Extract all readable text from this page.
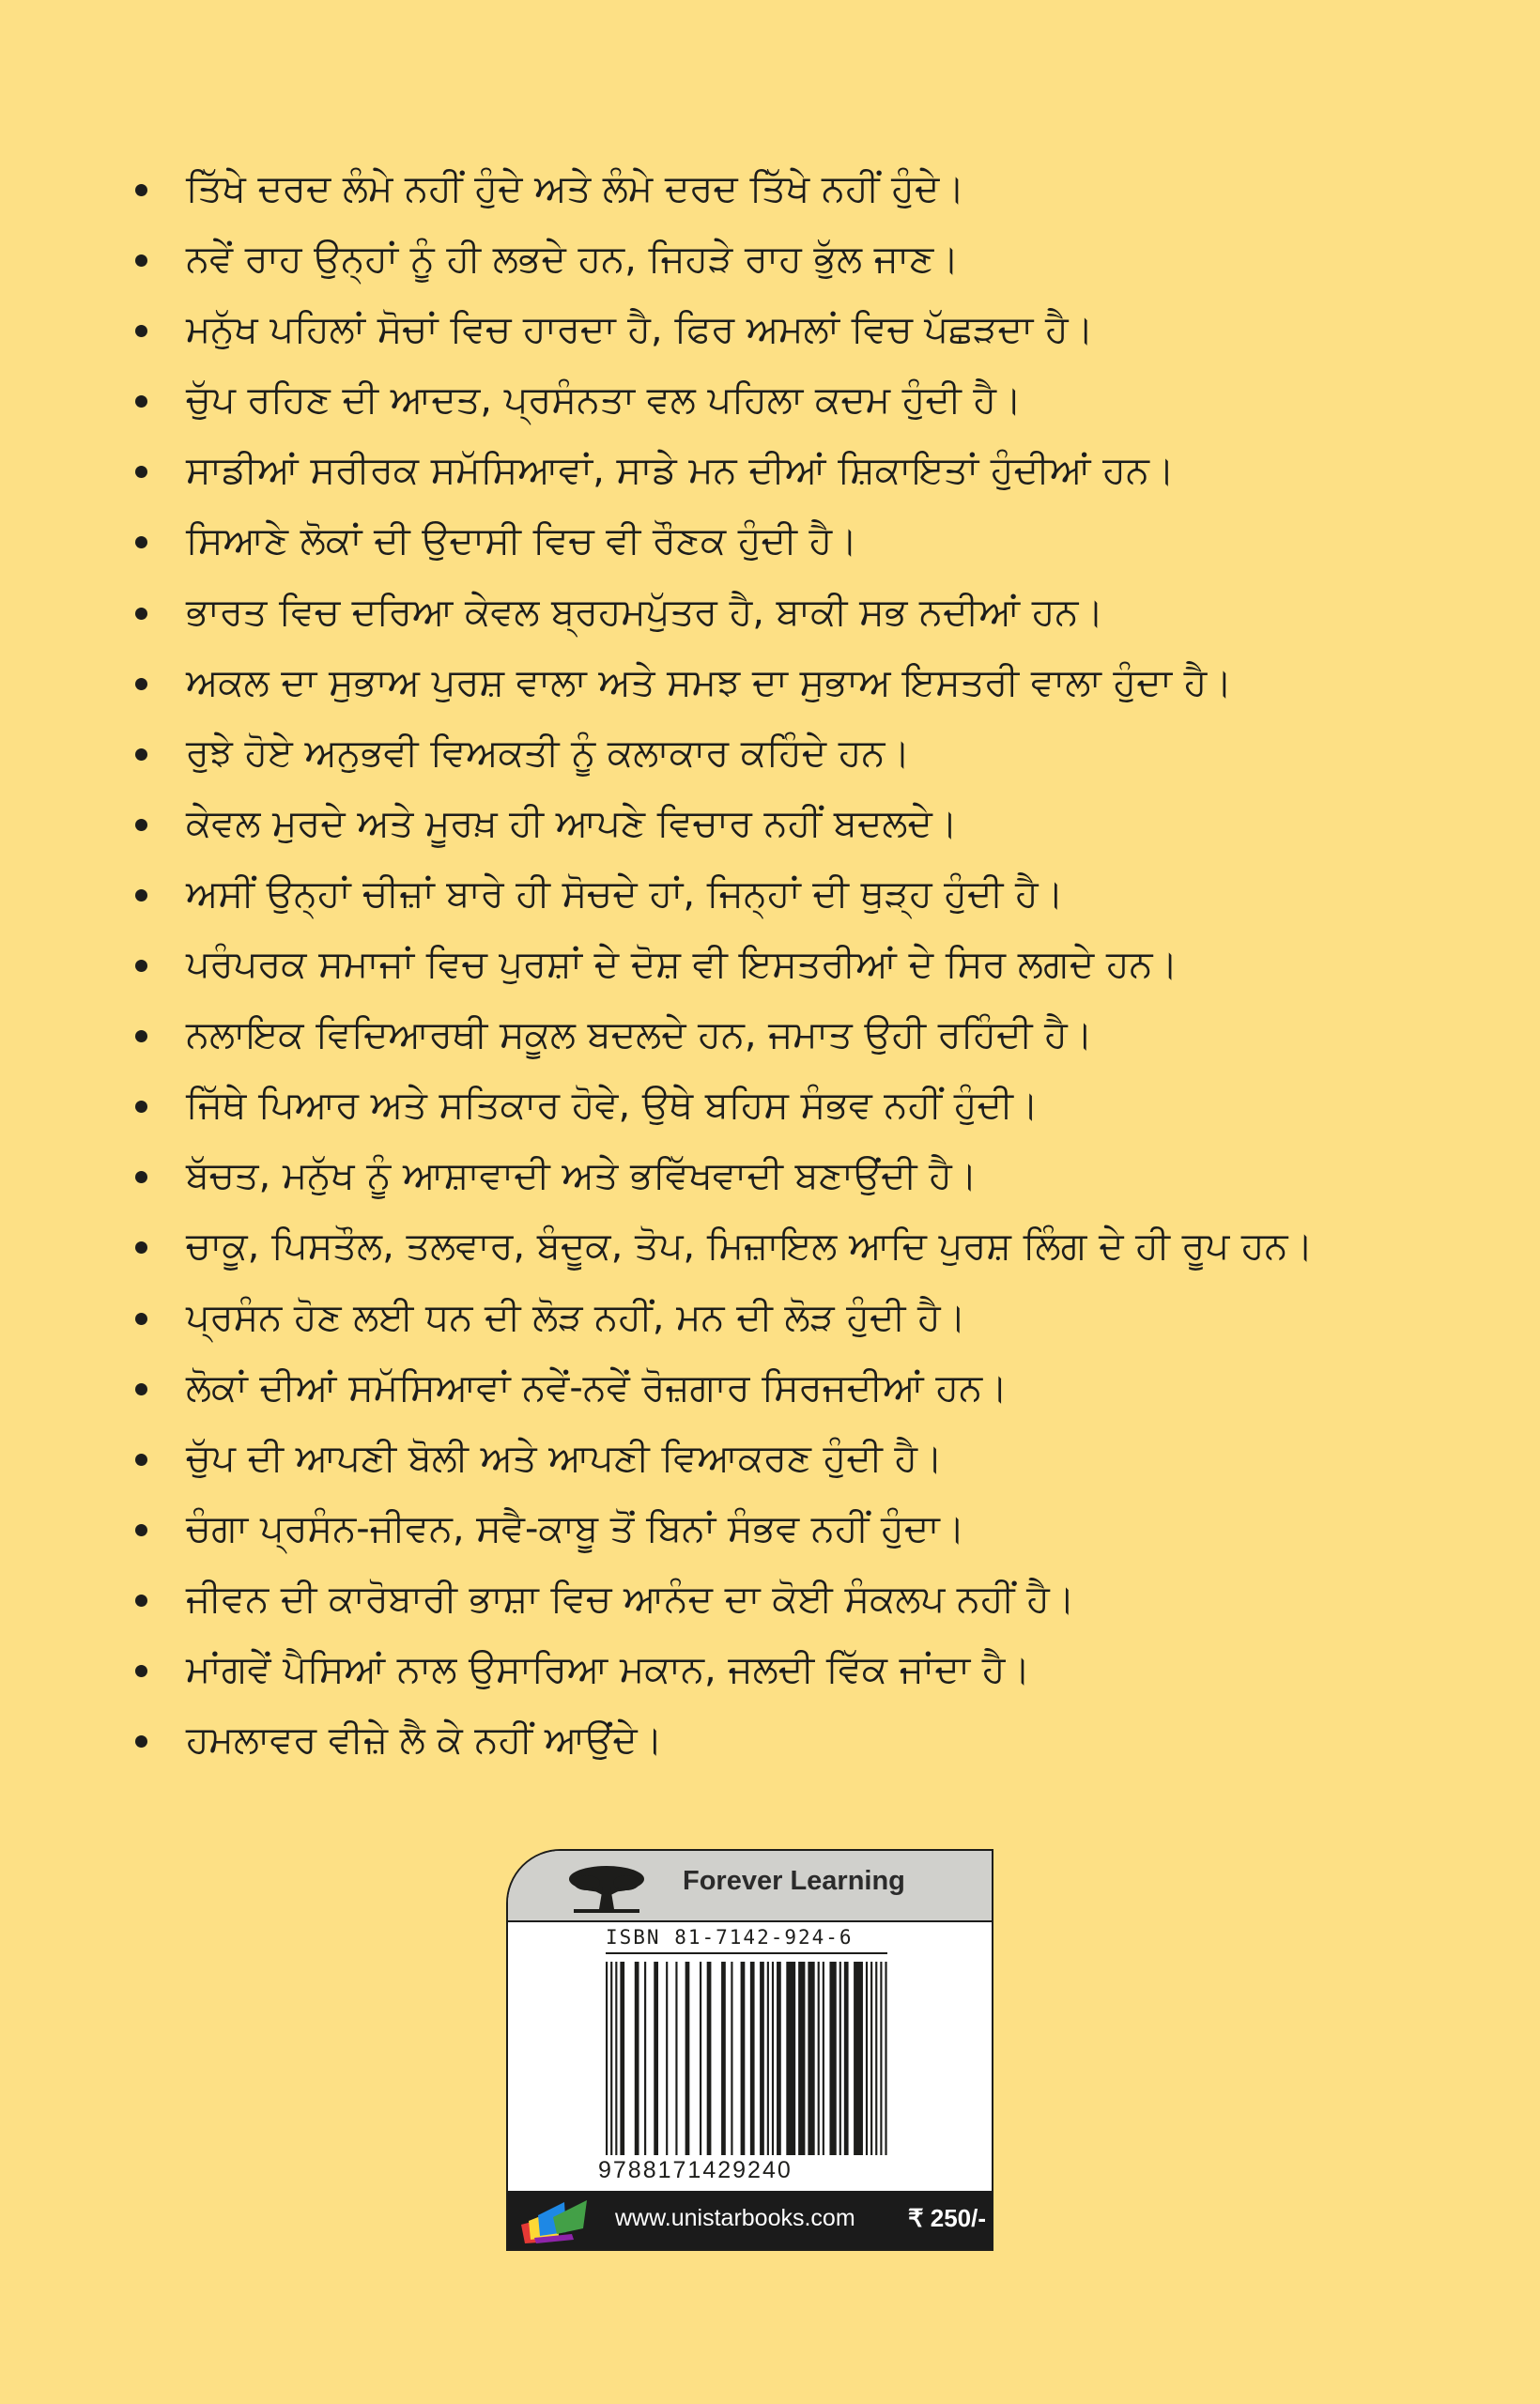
ਤਿੱਖੇ ਦਰਦ ਲੰਮੇ ਨਹੀਂ ਹੁੰਦੇ ਅਤੇ ਲੰਮੇ ਦਰਦ ਤਿੱਖੇ ਨਹੀਂ ਹੁੰਦੇ।
ਨਵੇਂ ਰਾਹ ਉਨ੍ਹਾਂ ਨੂੰ ਹੀ ਲਭਦੇ ਹਨ, ਜਿਹੜੇ ਰਾਹ ਭੁੱਲ ਜਾਣ।
ਮਨੁੱਖ ਪਹਿਲਾਂ ਸੋਚਾਂ ਵਿਚ ਹਾਰਦਾ ਹੈ, ਫਿਰ ਅਮਲਾਂ ਵਿਚ ਪੱਛੜਦਾ ਹੈ।
ਚੁੱਪ ਰਹਿਣ ਦੀ ਆਦਤ, ਪ੍ਰਸੰਨਤਾ ਵਲ ਪਹਿਲਾ ਕਦਮ ਹੁੰਦੀ ਹੈ।
ਸਾਡੀਆਂ ਸਰੀਰਕ ਸਮੱਸਿਆਵਾਂ, ਸਾਡੇ ਮਨ ਦੀਆਂ ਸ਼ਿਕਾਇਤਾਂ ਹੁੰਦੀਆਂ ਹਨ।
ਸਿਆਣੇ ਲੋਕਾਂ ਦੀ ਉਦਾਸੀ ਵਿਚ ਵੀ ਰੌਣਕ ਹੁੰਦੀ ਹੈ।
ਭਾਰਤ ਵਿਚ ਦਰਿਆ ਕੇਵਲ ਬ੍ਰਹਮਪੁੱਤਰ ਹੈ, ਬਾਕੀ ਸਭ ਨਦੀਆਂ ਹਨ।
ਅਕਲ ਦਾ ਸੁਭਾਅ ਪੁਰਸ਼ ਵਾਲਾ ਅਤੇ ਸਮਝ ਦਾ ਸੁਭਾਅ ਇਸਤਰੀ ਵਾਲਾ ਹੁੰਦਾ ਹੈ।
ਰੁਝੇ ਹੋਏ ਅਨੁਭਵੀ ਵਿਅਕਤੀ ਨੂੰ ਕਲਾਕਾਰ ਕਹਿੰਦੇ ਹਨ।
ਕੇਵਲ ਮੁਰਦੇ ਅਤੇ ਮੂਰਖ਼ ਹੀ ਆਪਣੇ ਵਿਚਾਰ ਨਹੀਂ ਬਦਲਦੇ।
ਅਸੀਂ ਉਨ੍ਹਾਂ ਚੀਜ਼ਾਂ ਬਾਰੇ ਹੀ ਸੋਚਦੇ ਹਾਂ, ਜਿਨ੍ਹਾਂ ਦੀ ਥੁੜ੍ਹ ਹੁੰਦੀ ਹੈ।
ਪਰੰਪਰਕ ਸਮਾਜਾਂ ਵਿਚ ਪੁਰਸ਼ਾਂ ਦੇ ਦੋਸ਼ ਵੀ ਇਸਤਰੀਆਂ ਦੇ ਸਿਰ ਲਗਦੇ ਹਨ।
ਨਲਾਇਕ ਵਿਦਿਆਰਥੀ ਸਕੂਲ ਬਦਲਦੇ ਹਨ, ਜਮਾਤ ਉਹੀ ਰਹਿੰਦੀ ਹੈ।
ਜਿੱਥੇ ਪਿਆਰ ਅਤੇ ਸਤਿਕਾਰ ਹੋਵੇ, ਉਥੇ ਬਹਿਸ ਸੰਭਵ ਨਹੀਂ ਹੁੰਦੀ।
ਬੱਚਤ, ਮਨੁੱਖ ਨੂੰ ਆਸ਼ਾਵਾਦੀ ਅਤੇ ਭਵਿੱਖਵਾਦੀ ਬਣਾਉਂਦੀ ਹੈ।
ਚਾਕੂ, ਪਿਸਤੌਲ, ਤਲਵਾਰ, ਬੰਦੂਕ, ਤੋਪ, ਮਿਜ਼ਾਇਲ ਆਦਿ ਪੁਰਸ਼ ਲਿੰਗ ਦੇ ਹੀ ਰੂਪ ਹਨ।
ਪ੍ਰਸੰਨ ਹੋਣ ਲਈ ਧਨ ਦੀ ਲੋੜ ਨਹੀਂ, ਮਨ ਦੀ ਲੋੜ ਹੁੰਦੀ ਹੈ।
ਲੋਕਾਂ ਦੀਆਂ ਸਮੱਸਿਆਵਾਂ ਨਵੇਂ-ਨਵੇਂ ਰੋਜ਼ਗਾਰ ਸਿਰਜਦੀਆਂ ਹਨ।
ਚੁੱਪ ਦੀ ਆਪਣੀ ਬੋਲੀ ਅਤੇ ਆਪਣੀ ਵਿਆਕਰਣ ਹੁੰਦੀ ਹੈ।
ਚੰਗਾ ਪ੍ਰਸੰਨ-ਜੀਵਨ, ਸਵੈ-ਕਾਬੂ ਤੋਂ ਬਿਨਾਂ ਸੰਭਵ ਨਹੀਂ ਹੁੰਦਾ।
ਜੀਵਨ ਦੀ ਕਾਰੋਬਾਰੀ ਭਾਸ਼ਾ ਵਿਚ ਆਨੰਦ ਦਾ ਕੋਈ ਸੰਕਲਪ ਨਹੀਂ ਹੈ।
ਮਾਂਗਵੇਂ ਪੈਸਿਆਂ ਨਾਲ ਉਸਾਰਿਆ ਮਕਾਨ, ਜਲਦੀ ਵਿੱਕ ਜਾਂਦਾ ਹੈ।
ਹਮਲਾਵਰ ਵੀਜ਼ੇ ਲੈ ਕੇ ਨਹੀਂ ਆਉਂਦੇ।
Forever Learning
ISBN 81-7142-924-6
9788171429240
www.unistarbooks.com ₹ 250/-
